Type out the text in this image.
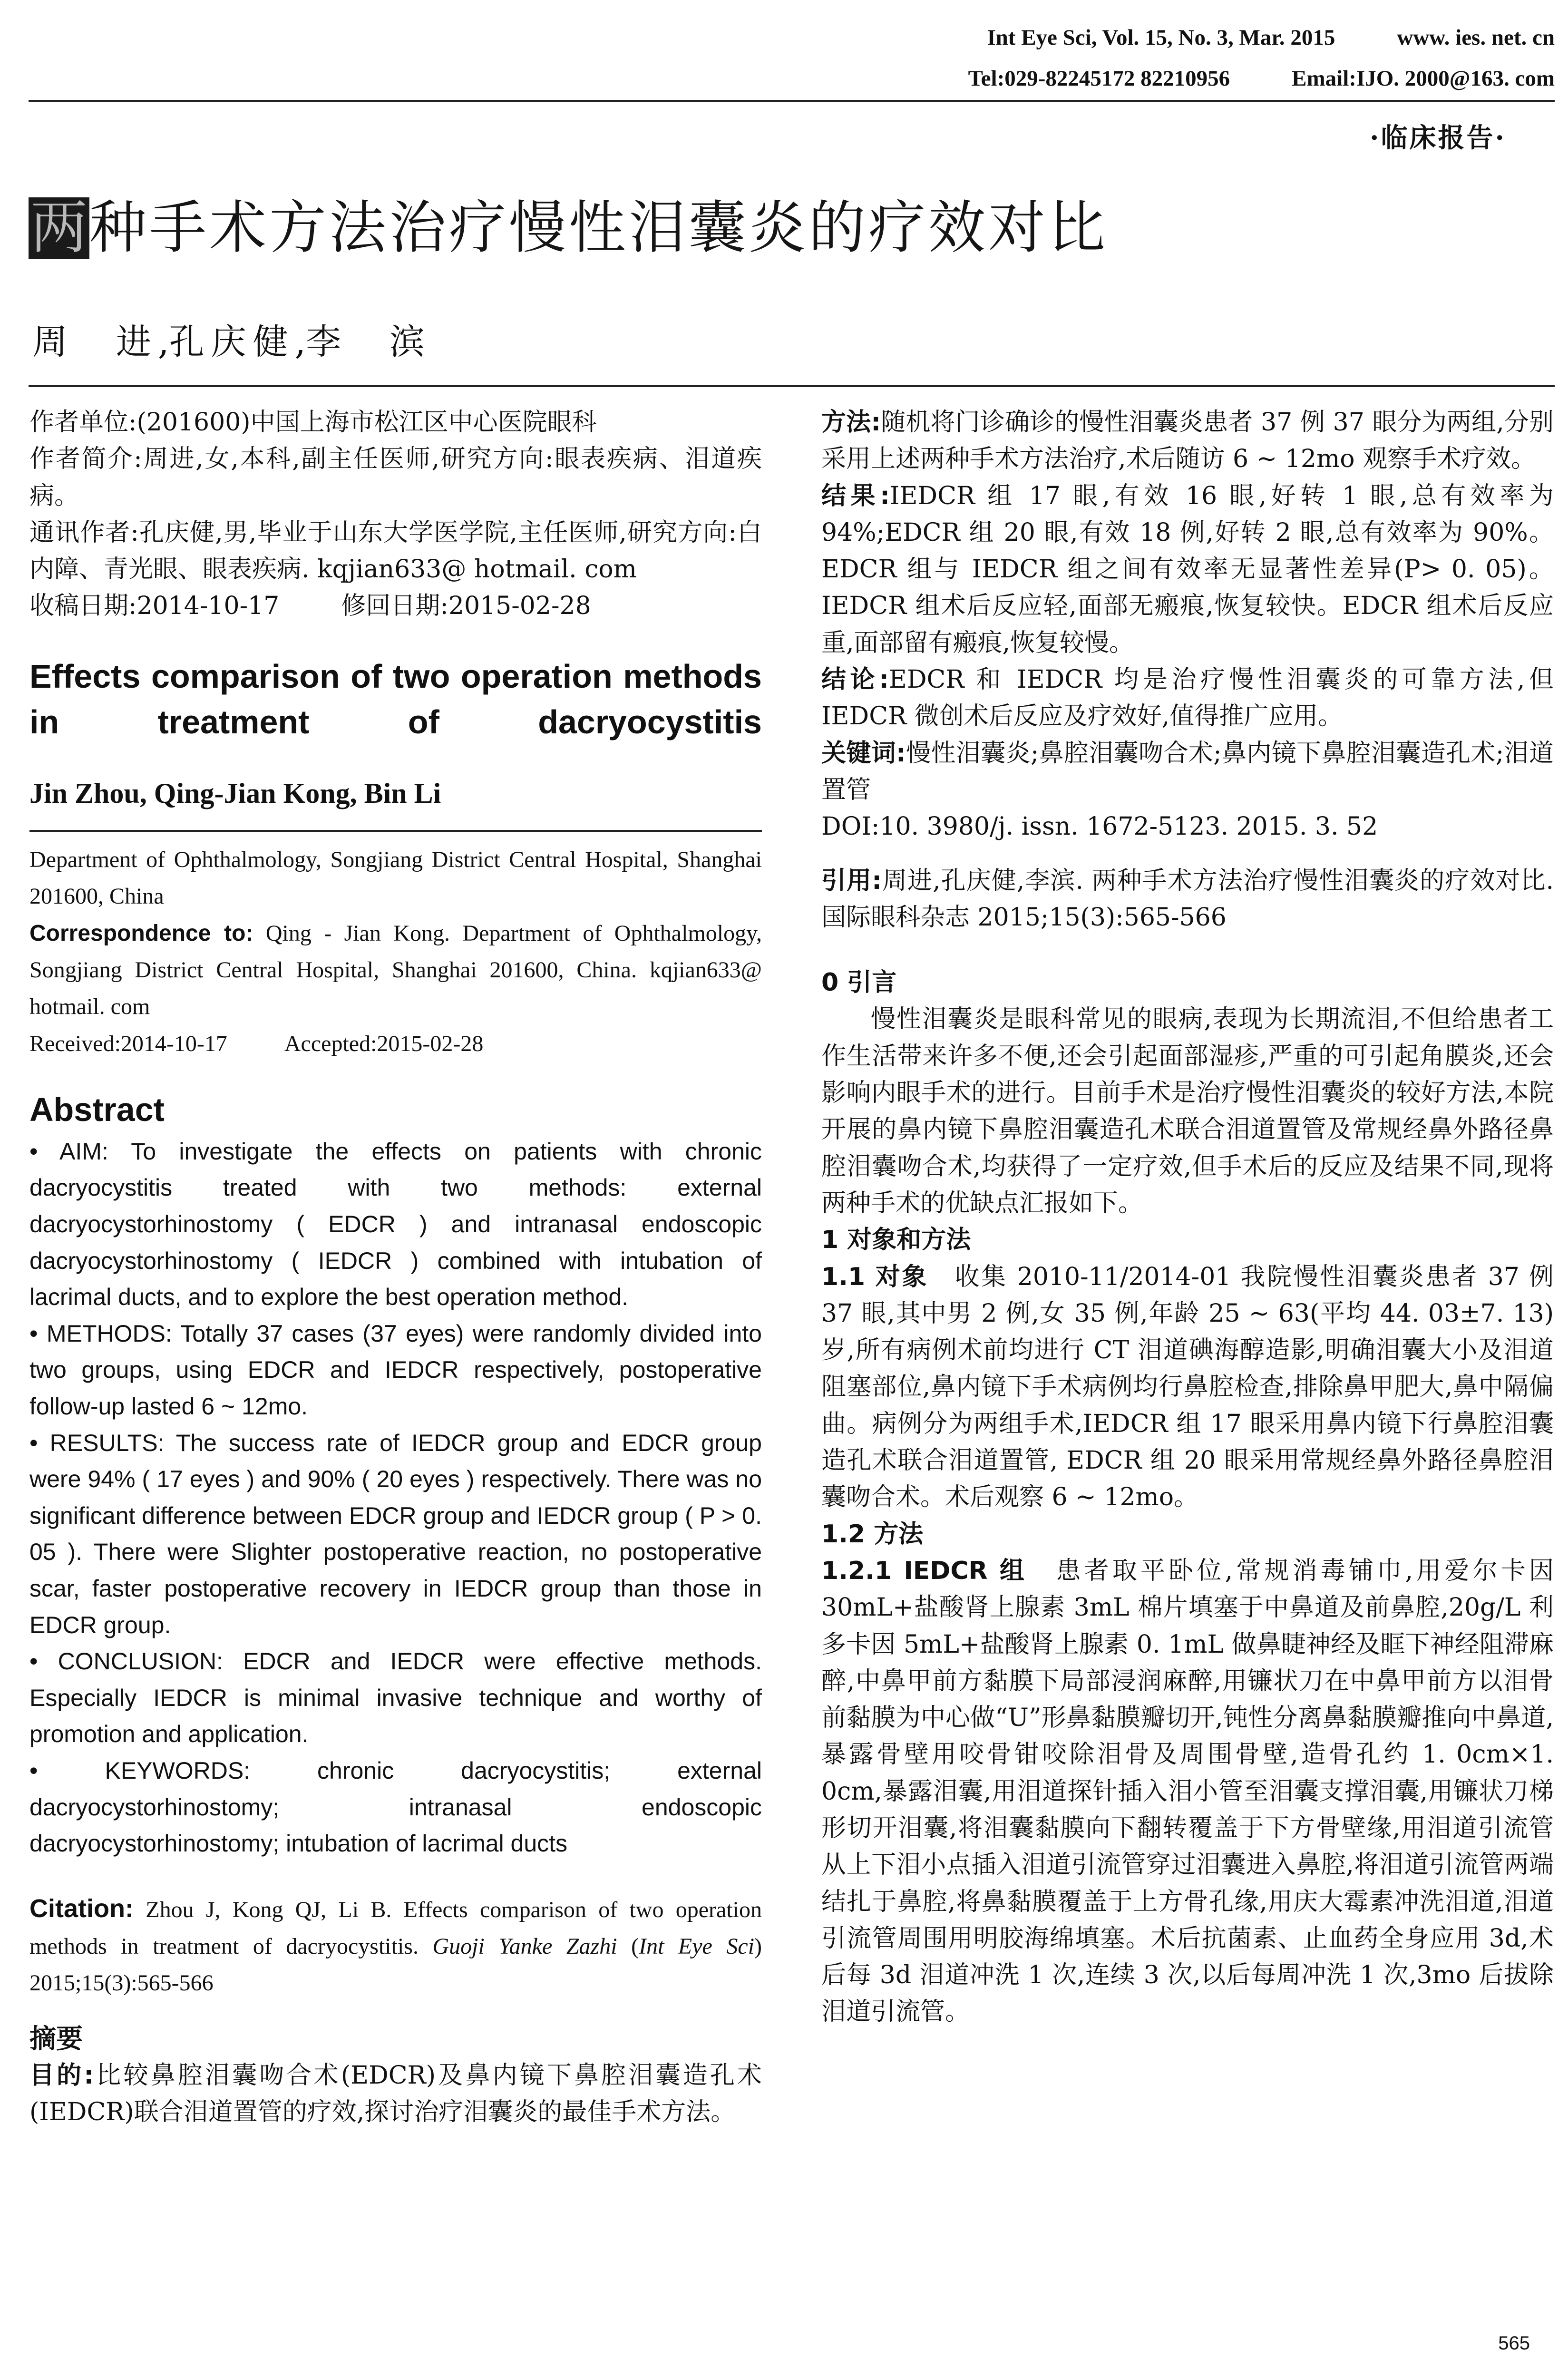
Int Eye Sci, Vol. 15, No. 3, Mar. 2015	www. ies. net. cn
Tel:029-82245172 82210956	Email:IJO. 2000@163. com
·临床报告·
两种手术方法治疗慢性泪囊炎的疗效对比
周　进,孔庆健,李　滨

作者单位:(201600)中国上海市松江区中心医院眼科

作者简介:周进,女,本科,副主任医师,研究方向:眼表疾病、泪道疾病。

通讯作者:孔庆健,男,毕业于山东大学医学院,主任医师,研究方向:白内障、青光眼、眼表疾病. kqjian633@ hotmail. com

收稿日期:2014-10-17	修回日期:2015-02-28

Effects comparison of two operation methods in treatment of dacryocystitis

Jin Zhou, Qing-Jian Kong, Bin Li

Department of Ophthalmology, Songjiang District Central Hospital, Shanghai 201600, China

Correspondence to: Qing - Jian Kong. Department of Ophthalmology, Songjiang District Central Hospital, Shanghai 201600, China. kqjian633@ hotmail. com

Received:2014-10-17	Accepted:2015-02-28

Abstract

• AIM: To investigate the effects on patients with chronic dacryocystitis treated with two methods: external dacryocystorhinostomy ( EDCR ) and intranasal endoscopic dacryocystorhinostomy ( IEDCR ) combined with intubation of lacrimal ducts, and to explore the best operation method.

• METHODS: Totally 37 cases (37 eyes) were randomly divided into two groups, using EDCR and IEDCR respectively, postoperative follow-up lasted 6 ~ 12mo.

• RESULTS: The success rate of IEDCR group and EDCR group were 94% ( 17 eyes ) and 90% ( 20 eyes ) respectively. There was no significant difference between EDCR group and IEDCR group ( P > 0. 05 ). There were Slighter postoperative reaction, no postoperative scar, faster postoperative recovery in IEDCR group than those in EDCR group.

• CONCLUSION: EDCR and IEDCR were effective methods. Especially IEDCR is minimal invasive technique and worthy of promotion and application.

• KEYWORDS: chronic dacryocystitis; external dacryocystorhinostomy; intranasal endoscopic dacryocystorhinostomy; intubation of lacrimal ducts

Citation: Zhou J, Kong QJ, Li B. Effects comparison of two operation methods in treatment of dacryocystitis. Guoji Yanke Zazhi (Int Eye Sci) 2015;15(3):565-566

摘要

目的:比较鼻腔泪囊吻合术(EDCR)及鼻内镜下鼻腔泪囊造孔术(IEDCR)联合泪道置管的疗效,探讨治疗泪囊炎的最佳手术方法。

方法:随机将门诊确诊的慢性泪囊炎患者 37 例 37 眼分为两组,分别采用上述两种手术方法治疗,术后随访 6 ~ 12mo 观察手术疗效。

结果:IEDCR 组 17 眼,有效 16 眼,好转 1 眼,总有效率为 94%;EDCR 组 20 眼,有效 18 例,好转 2 眼,总有效率为 90%。EDCR 组与 IEDCR 组之间有效率无显著性差异(P> 0. 05)。IEDCR 组术后反应轻,面部无瘢痕,恢复较快。EDCR 组术后反应重,面部留有瘢痕,恢复较慢。

结论:EDCR 和 IEDCR 均是治疗慢性泪囊炎的可靠方法,但 IEDCR 微创术后反应及疗效好,值得推广应用。

关键词:慢性泪囊炎;鼻腔泪囊吻合术;鼻内镜下鼻腔泪囊造孔术;泪道置管

DOI:10. 3980/j. issn. 1672-5123. 2015. 3. 52

引用:周进,孔庆健,李滨. 两种手术方法治疗慢性泪囊炎的疗效对比. 国际眼科杂志 2015;15(3):565-566

0 引言

慢性泪囊炎是眼科常见的眼病,表现为长期流泪,不但给患者工作生活带来许多不便,还会引起面部湿疹,严重的可引起角膜炎,还会影响内眼手术的进行。目前手术是治疗慢性泪囊炎的较好方法,本院开展的鼻内镜下鼻腔泪囊造孔术联合泪道置管及常规经鼻外路径鼻腔泪囊吻合术,均获得了一定疗效,但手术后的反应及结果不同,现将两种手术的优缺点汇报如下。

1 对象和方法

1.1 对象　 收集 2010-11/2014-01 我院慢性泪囊炎患者 37 例 37 眼,其中男 2 例,女 35 例,年龄 25 ~ 63(平均 44. 03±7. 13)岁,所有病例术前均进行 CT 泪道碘海醇造影,明确泪囊大小及泪道阻塞部位,鼻内镜下手术病例均行鼻腔检查,排除鼻甲肥大,鼻中隔偏曲。病例分为两组手术,IEDCR 组 17 眼采用鼻内镜下行鼻腔泪囊造孔术联合泪道置管, EDCR 组 20 眼采用常规经鼻外路径鼻腔泪囊吻合术。术后观察 6 ~ 12mo。

1.2 方法

1.2.1 IEDCR 组　 患者取平卧位,常规消毒铺巾,用爱尔卡因 30mL+盐酸肾上腺素 3mL 棉片填塞于中鼻道及前鼻腔,20g/L 利多卡因 5mL+盐酸肾上腺素 0. 1mL 做鼻睫神经及眶下神经阻滞麻醉,中鼻甲前方黏膜下局部浸润麻醉,用镰状刀在中鼻甲前方以泪骨前黏膜为中心做“U”形鼻黏膜瓣切开,钝性分离鼻黏膜瓣推向中鼻道,暴露骨壁用咬骨钳咬除泪骨及周围骨壁,造骨孔约 1. 0cm×1. 0cm,暴露泪囊,用泪道探针插入泪小管至泪囊支撑泪囊,用镰状刀梯形切开泪囊,将泪囊黏膜向下翻转覆盖于下方骨壁缘,用泪道引流管从上下泪小点插入泪道引流管穿过泪囊进入鼻腔,将泪道引流管两端结扎于鼻腔,将鼻黏膜覆盖于上方骨孔缘,用庆大霉素冲洗泪道,泪道引流管周围用明胶海绵填塞。术后抗菌素、止血药全身应用 3d,术后每 3d 泪道冲洗 1 次,连续 3 次,以后每周冲洗 1 次,3mo 后拔除泪道引流管。

565
